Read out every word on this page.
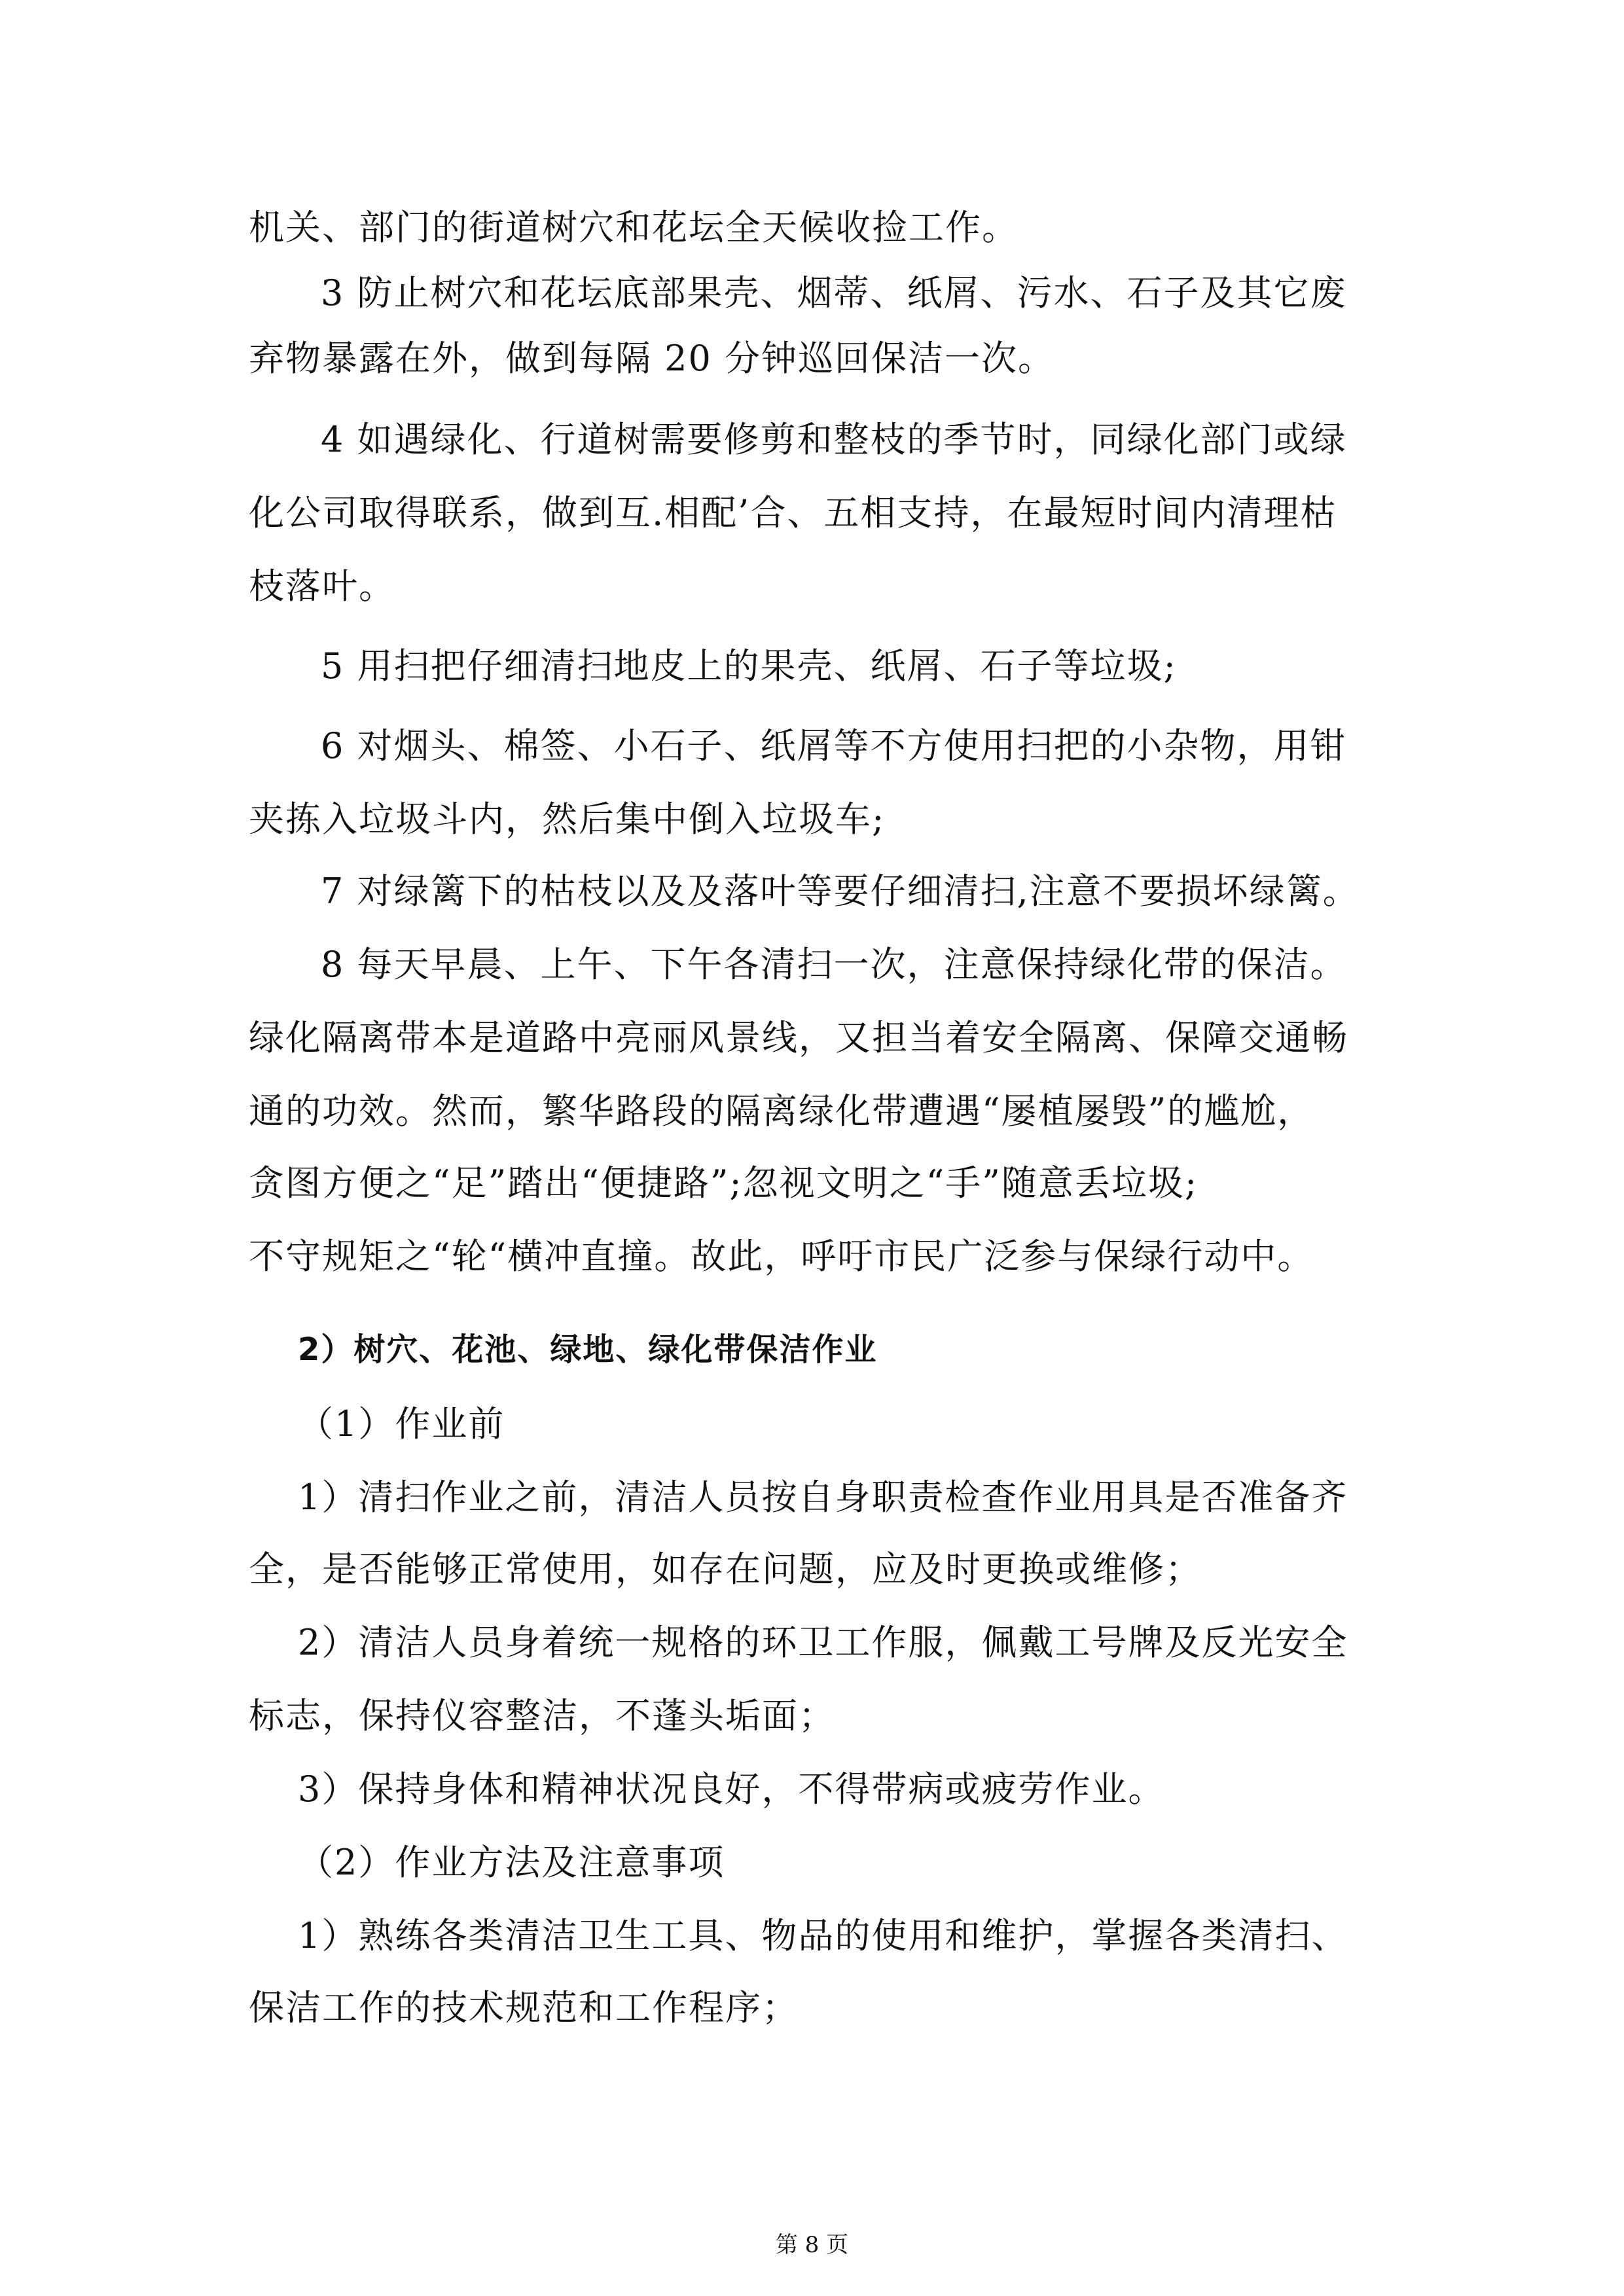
机关、部门的街道树穴和花坛全天候收捡工作。
3 防止树穴和花坛底部果壳、烟蒂、纸屑、污水、石子及其它废
弃物暴露在外，做到每隔 20 分钟巡回保洁一次。
4 如遇绿化、行道树需要修剪和整枝的季节时，同绿化部门或绿
化公司取得联系，做到互.相配’合、五相支持，在最短时间内清理枯
枝落叶。
5 用扫把仔细清扫地皮上的果壳、纸屑、石子等垃圾;
6 对烟头、棉签、小石子、纸屑等不方使用扫把的小杂物，用钳
夹拣入垃圾斗内，然后集中倒入垃圾车;
7 对绿篱下的枯枝以及及落叶等要仔细清扫,注意不要损坏绿篱。
8 每天早晨、上午、下午各清扫一次，注意保持绿化带的保洁。
绿化隔离带本是道路中亮丽风景线，又担当着安全隔离、保障交通畅
通的功效。然而，繁华路段的隔离绿化带遭遇“屡植屡毁”的尴尬，
贪图方便之“足”踏出“便捷路”;忽视文明之“手”随意丢垃圾;
不守规矩之“轮“横冲直撞。故此，呼吁市民广泛参与保绿行动中。
2）树穴、花池、绿地、绿化带保洁作业
（1）作业前
1）清扫作业之前，清洁人员按自身职责检查作业用具是否准备齐
全，是否能够正常使用，如存在问题，应及时更换或维修；
2）清洁人员身着统一规格的环卫工作服，佩戴工号牌及反光安全
标志，保持仪容整洁，不蓬头垢面；
3）保持身体和精神状况良好，不得带病或疲劳作业。
（2）作业方法及注意事项
1）熟练各类清洁卫生工具、物品的使用和维护，掌握各类清扫、
保洁工作的技术规范和工作程序；
第 8 页
